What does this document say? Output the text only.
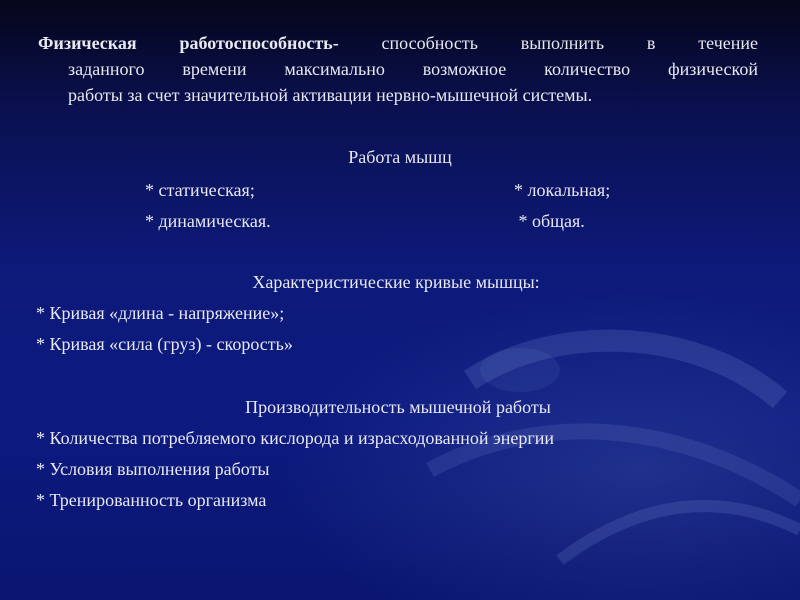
Физическая работоспособность- способность выполнить в течение

заданного времени максимально возможное количество физической
работы за счет значительной активации нервно-мышечной системы.
Работа мышц
* статическая;
* динамическая.
* локальная;
* общая.
Характеристические кривые мышцы:
* Кривая «длина - напряжение»;
* Кривая «сила (груз) - скорость»
Производительность мышечной работы
* Количества потребляемого кислорода и израсходованной энергии
* Условия выполнения работы
* Тренированность организма
